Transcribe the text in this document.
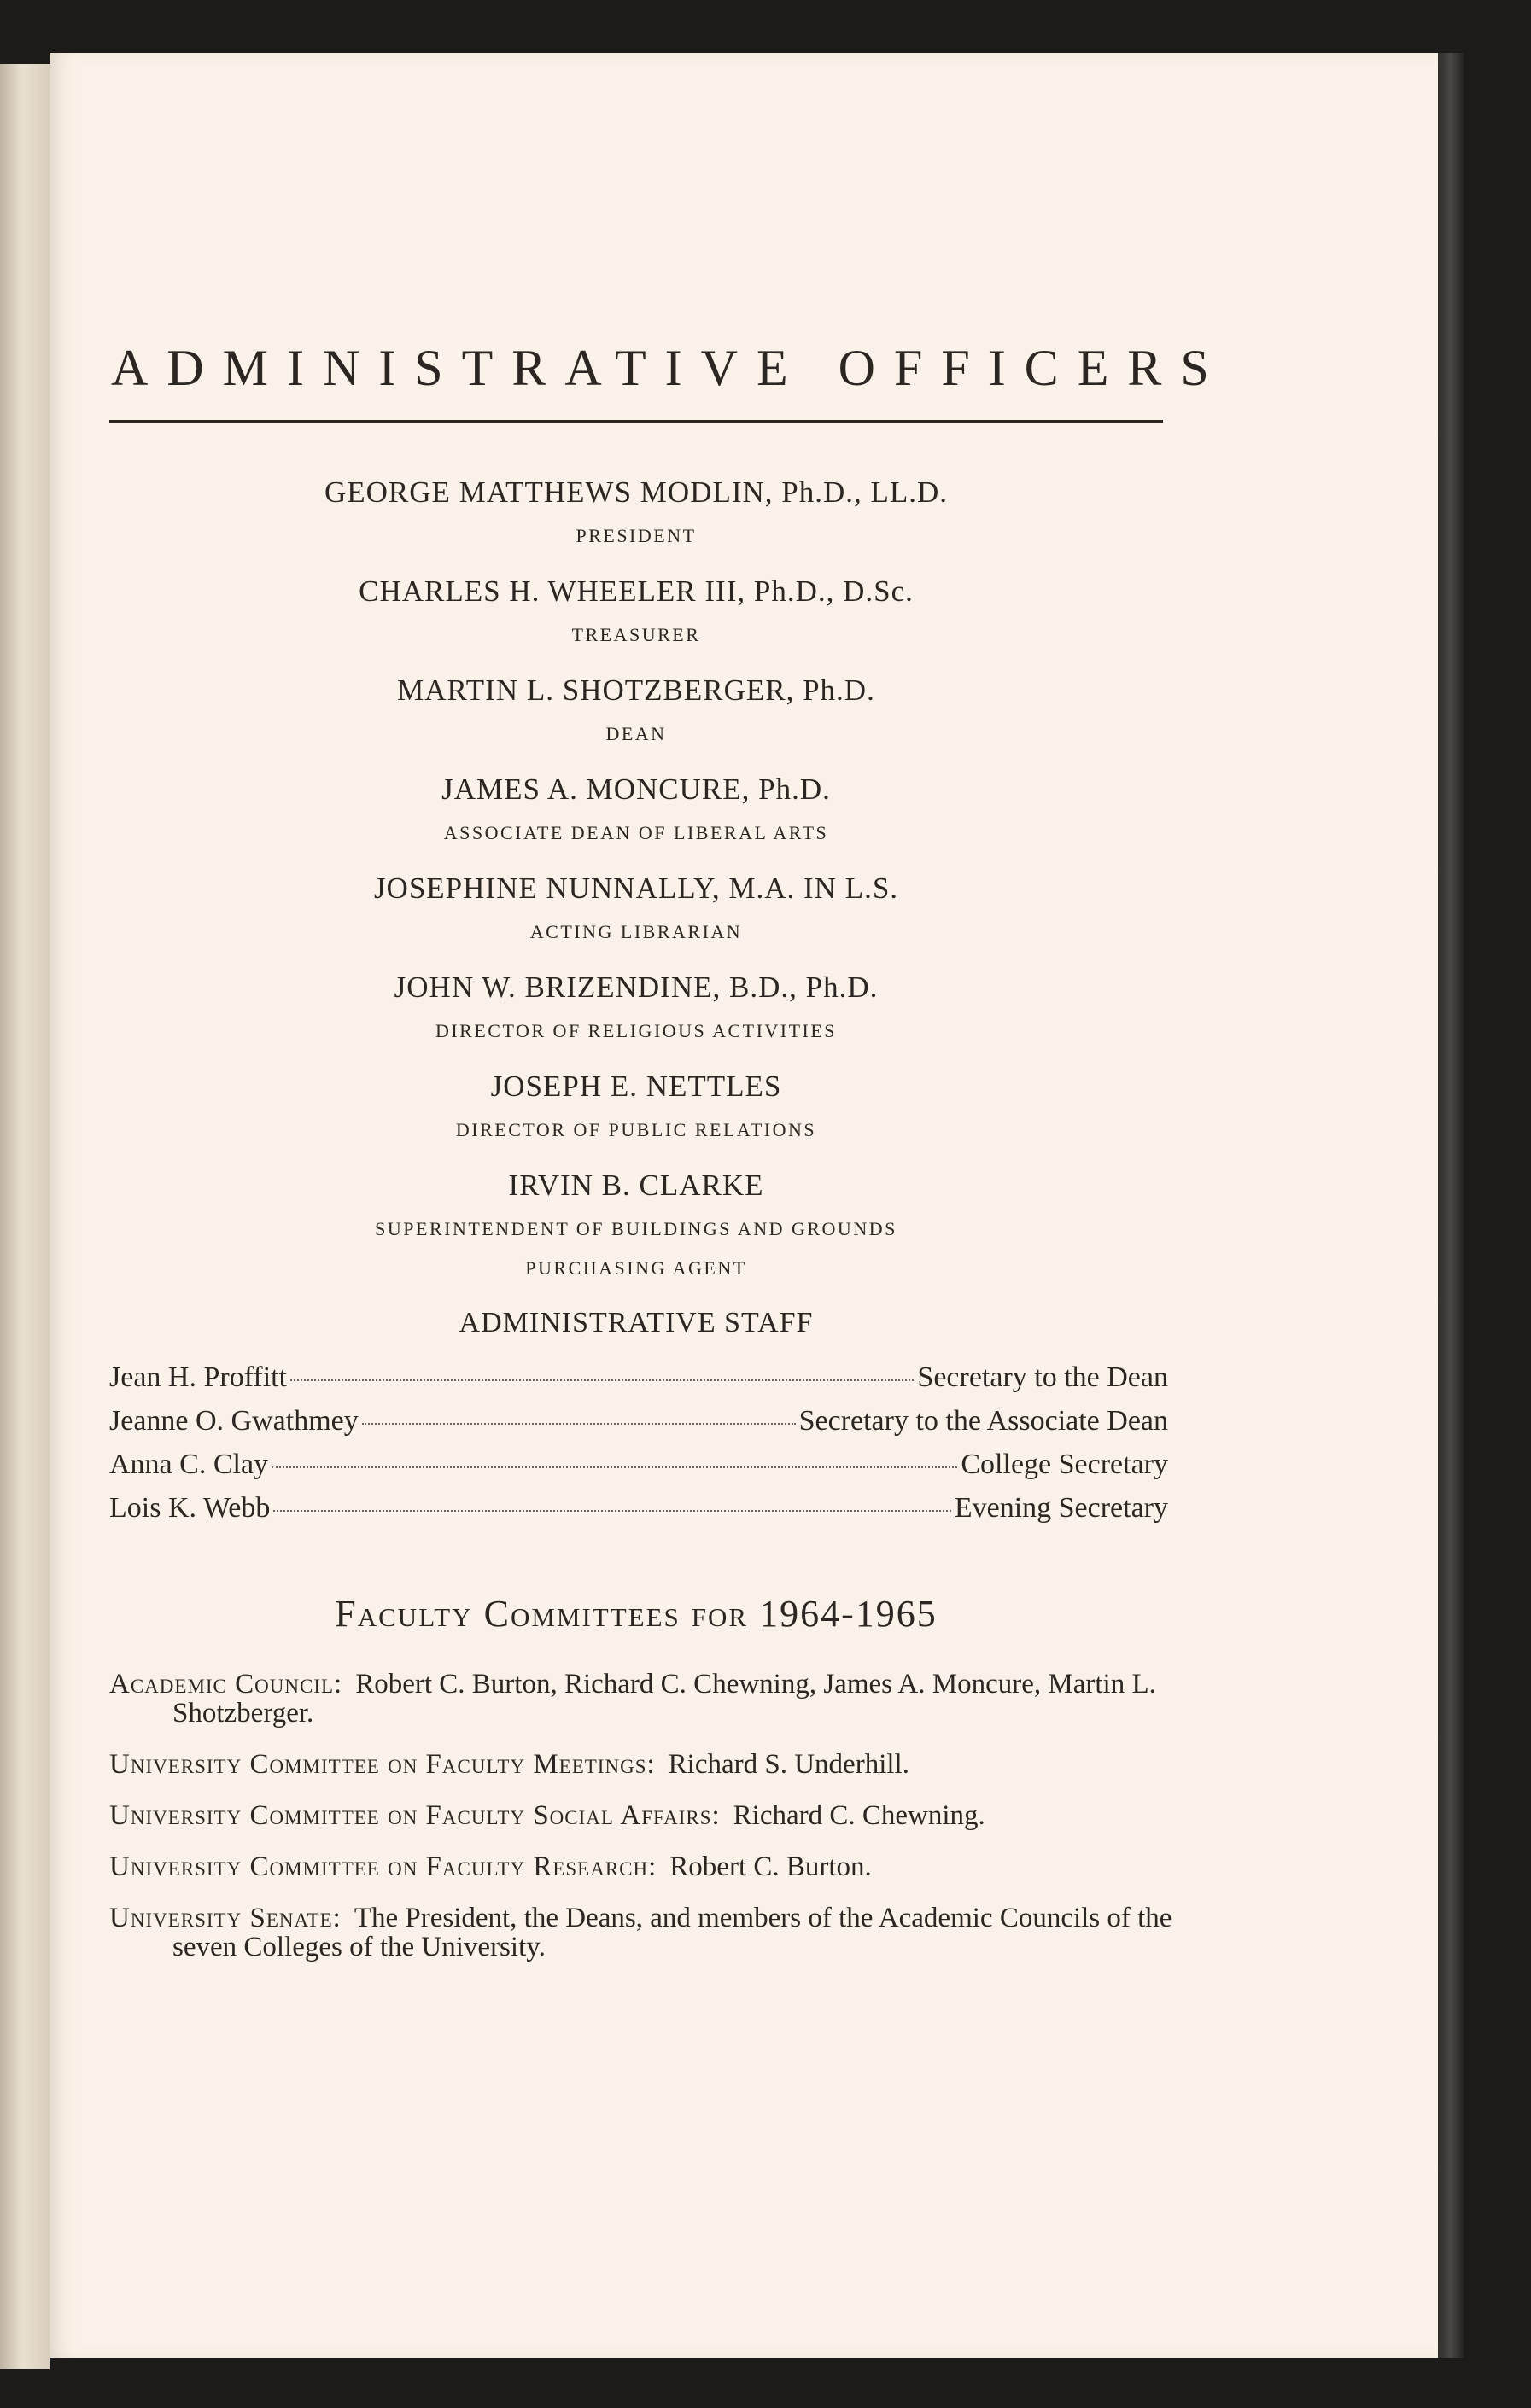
ADMINISTRATIVE OFFICERS
GEORGE MATTHEWS MODLIN, Ph.D., LL.D.
PRESIDENT
CHARLES H. WHEELER III, Ph.D., D.Sc.
TREASURER
MARTIN L. SHOTZBERGER, Ph.D.
DEAN
JAMES A. MONCURE, Ph.D.
ASSOCIATE DEAN OF LIBERAL ARTS
JOSEPHINE NUNNALLY, M.A. IN L.S.
ACTING LIBRARIAN
JOHN W. BRIZENDINE, B.D., Ph.D.
DIRECTOR OF RELIGIOUS ACTIVITIES
JOSEPH E. NETTLES
DIRECTOR OF PUBLIC RELATIONS
IRVIN B. CLARKE
SUPERINTENDENT OF BUILDINGS AND GROUNDS
PURCHASING AGENT
ADMINISTRATIVE STAFF
Jean H. Proffitt	Secretary to the Dean
Jeanne O. Gwathmey	Secretary to the Associate Dean
Anna C. Clay	College Secretary
Lois K. Webb	Evening Secretary
Faculty Committees for 1964-1965
Academic Council: Robert C. Burton, Richard C. Chewning, James A. Moncure, Martin L. Shotzberger.
University Committee on Faculty Meetings: Richard S. Underhill.
University Committee on Faculty Social Affairs: Richard C. Chewning.
University Committee on Faculty Research: Robert C. Burton.
University Senate: The President, the Deans, and members of the Academic Councils of the seven Colleges of the University.
